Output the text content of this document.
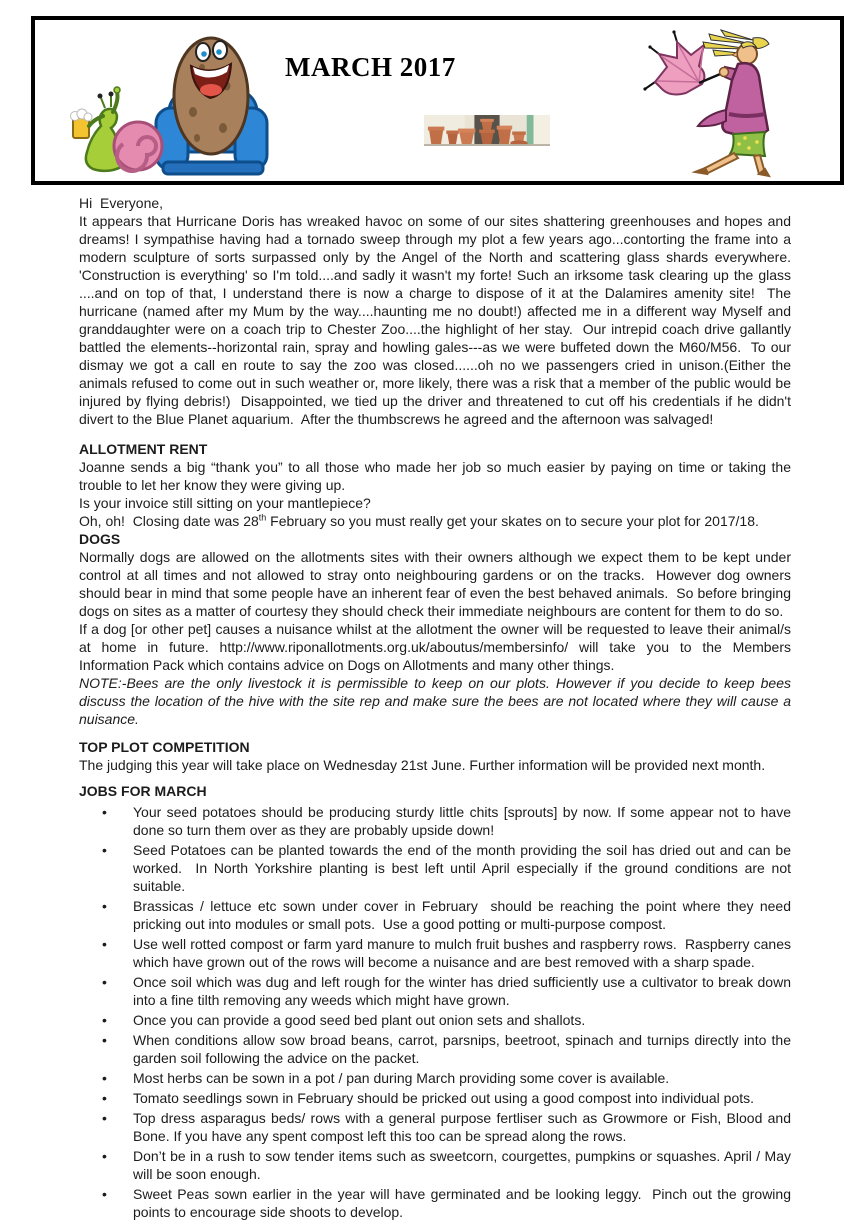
MARCH 2017

Hi  Everyone,

It appears that Hurricane Doris has wreaked havoc on some of our sites shattering greenhouses and hopes and dreams! I sympathise having had a tornado sweep through my plot a few years ago...contorting the frame into a modern sculpture of sorts surpassed only by the Angel of the North and scattering glass shards everywhere. 'Construction is everything' so I'm told....and sadly it wasn't my forte! Such an irksome task clearing up the glass ....and on top of that, I understand there is now a charge to dispose of it at the Dalamires amenity site!  The hurricane (named after my Mum by the way....haunting me no doubt!) affected me in a different way Myself and granddaughter were on a coach trip to Chester Zoo....the highlight of her stay.  Our intrepid coach drive gallantly battled the elements--horizontal rain, spray and howling gales---as we were buffeted down the M60/M56.  To our dismay we got a call en route to say the zoo was closed......oh no we passengers cried in unison.(Either the animals refused to come out in such weather or, more likely, there was a risk that a member of the public would be injured by flying debris!)  Disappointed, we tied up the driver and threatened to cut off his credentials if he didn't divert to the Blue Planet aquarium.  After the thumbscrews he agreed and the afternoon was salvaged!

ALLOTMENT RENT

Joanne sends a big “thank you” to all those who made her job so much easier by paying on time or taking the trouble to let her know they were giving up.

Is your invoice still sitting on your mantlepiece?

Oh, oh!  Closing date was 28th February so you must really get your skates on to secure your plot for 2017/18.

DOGS

Normally dogs are allowed on the allotments sites with their owners although we expect them to be kept under control at all times and not allowed to stray onto neighbouring gardens or on the tracks.  However dog owners should bear in mind that some people have an inherent fear of even the best behaved animals.  So before bringing dogs on sites as a matter of courtesy they should check their immediate neighbours are content for them to do so.

If a dog [or other pet] causes a nuisance whilst at the allotment the owner will be requested to leave their animal/s at home in future. http://www.riponallotments.org.uk/aboutus/membersinfo/ will take you to the Members Information Pack which contains advice on Dogs on Allotments and many other things.

NOTE:-Bees are the only livestock it is permissible to keep on our plots. However if you decide to keep bees discuss the location of the hive with the site rep and make sure the bees are not located where they will cause a nuisance.

TOP PLOT COMPETITION

The judging this year will take place on Wednesday 21st June. Further information will be provided next month.

JOBS FOR MARCH

• Your seed potatoes should be producing sturdy little chits [sprouts] by now. If some appear not to have done so turn them over as they are probably upside down!
• Seed Potatoes can be planted towards the end of the month providing the soil has dried out and can be worked.  In North Yorkshire planting is best left until April especially if the ground conditions are not suitable.
• Brassicas / lettuce etc sown under cover in February  should be reaching the point where they need pricking out into modules or small pots.  Use a good potting or multi-purpose compost.
• Use well rotted compost or farm yard manure to mulch fruit bushes and raspberry rows.  Raspberry canes which have grown out of the rows will become a nuisance and are best removed with a sharp spade.
• Once soil which was dug and left rough for the winter has dried sufficiently use a cultivator to break down into a fine tilth removing any weeds which might have grown.
• Once you can provide a good seed bed plant out onion sets and shallots.
• When conditions allow sow broad beans, carrot, parsnips, beetroot, spinach and turnips directly into the garden soil following the advice on the packet.
• Most herbs can be sown in a pot / pan during March providing some cover is available.
• Tomato seedlings sown in February should be pricked out using a good compost into individual pots.
• Top dress asparagus beds/ rows with a general purpose fertliser such as Growmore or Fish, Blood and Bone. If you have any spent compost left this too can be spread along the rows.
• Don’t be in a rush to sow tender items such as sweetcorn, courgettes, pumpkins or squashes. April / May will be soon enough.
• Sweet Peas sown earlier in the year will have germinated and be looking leggy.  Pinch out the growing points to encourage side shoots to develop.
